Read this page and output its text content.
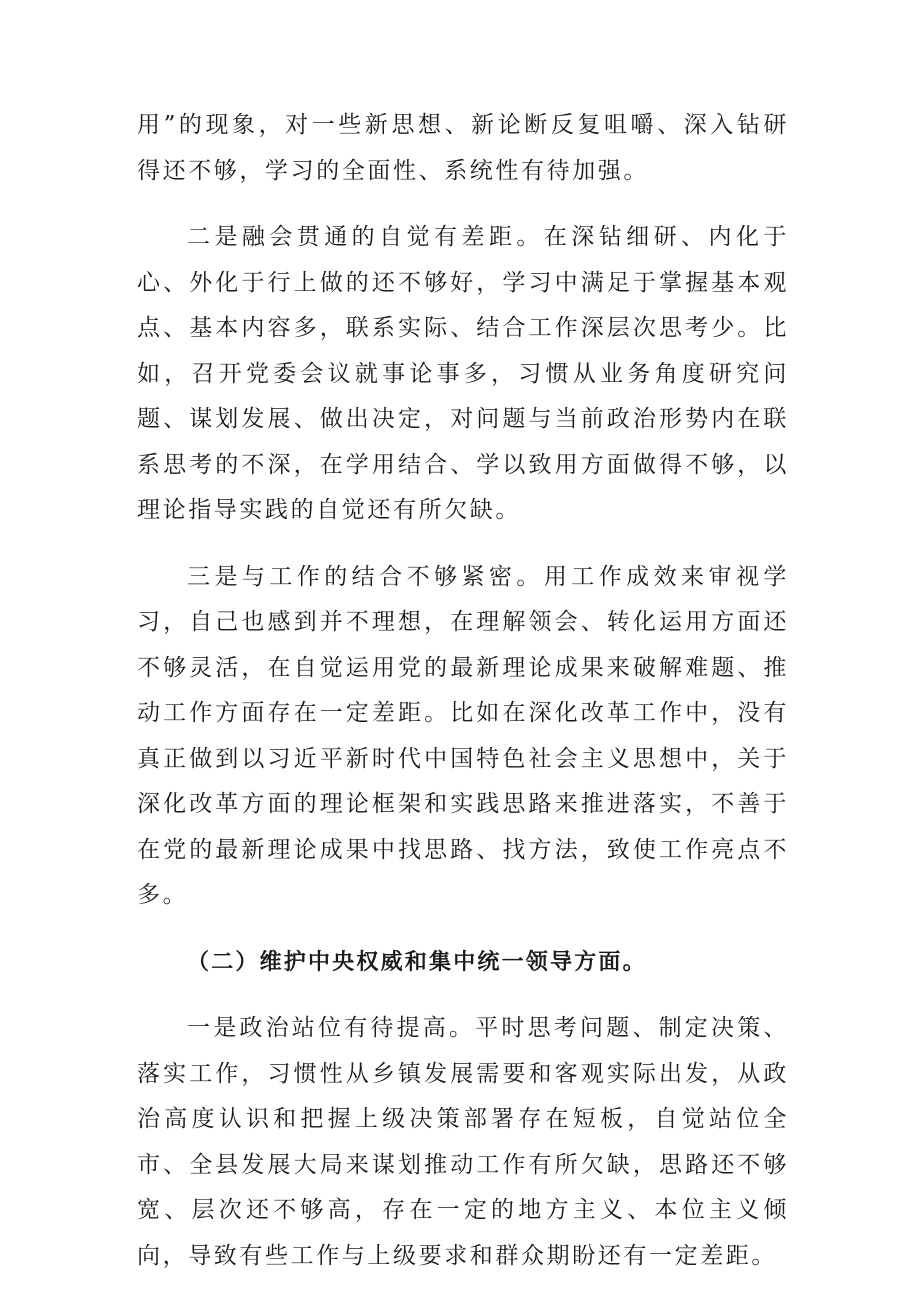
用”的现象，对一些新思想、新论断反复咀嚼、深入钻研得还不够，学习的全面性、系统性有待加强。

二是融会贯通的自觉有差距。在深钻细研、内化于心、外化于行上做的还不够好，学习中满足于掌握基本观点、基本内容多，联系实际、结合工作深层次思考少。比如，召开党委会议就事论事多，习惯从业务角度研究问题、谋划发展、做出决定，对问题与当前政治形势内在联系思考的不深，在学用结合、学以致用方面做得不够，以理论指导实践的自觉还有所欠缺。

三是与工作的结合不够紧密。用工作成效来审视学习，自己也感到并不理想，在理解领会、转化运用方面还不够灵活，在自觉运用党的最新理论成果来破解难题、推动工作方面存在一定差距。比如在深化改革工作中，没有真正做到以习近平新时代中国特色社会主义思想中，关于深化改革方面的理论框架和实践思路来推进落实，不善于在党的最新理论成果中找思路、找方法，致使工作亮点不多。

（二）维护中央权威和集中统一领导方面。

一是政治站位有待提高。平时思考问题、制定决策、落实工作，习惯性从乡镇发展需要和客观实际出发，从政治高度认识和把握上级决策部署存在短板，自觉站位全市、全县发展大局来谋划推动工作有所欠缺，思路还不够宽、层次还不够高，存在一定的地方主义、本位主义倾向，导致有些工作与上级要求和群众期盼还有一定差距。
